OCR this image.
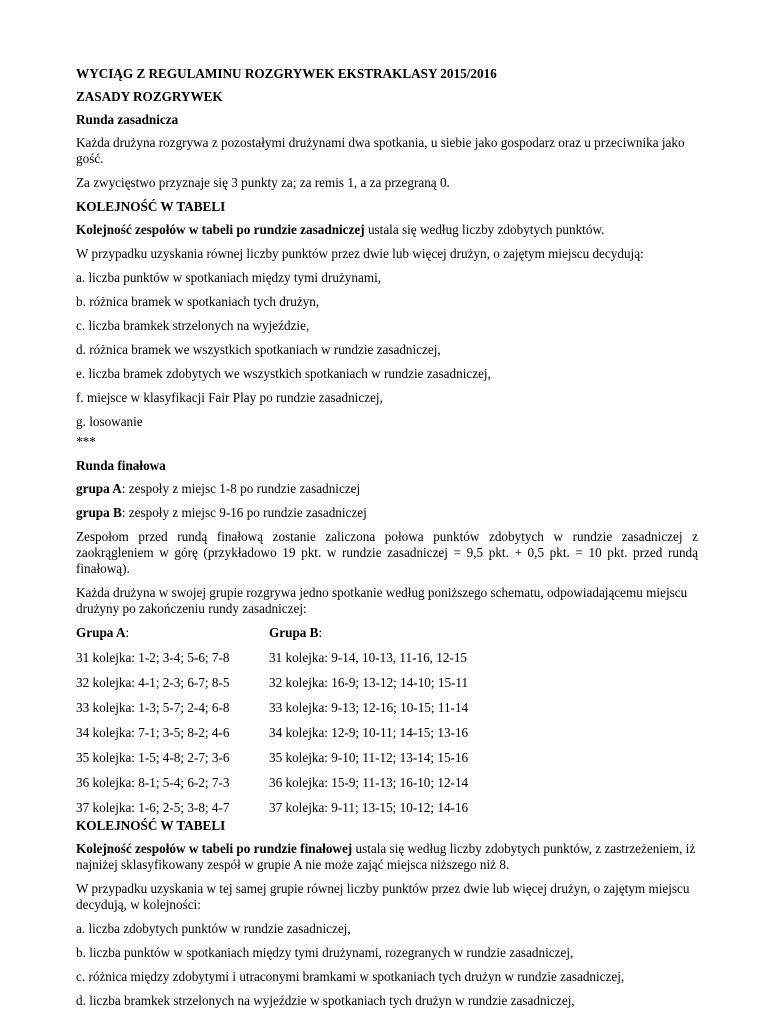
WYCIĄG Z REGULAMINU ROZGRYWEK EKSTRAKLASY 2015/2016

ZASADY ROZGRYWEK

Runda zasadnicza

Każda drużyna rozgrywa z pozostałymi drużynami dwa spotkania, u siebie jako gospodarz oraz u przeciwnika jako gość.

Za zwycięstwo przyznaje się 3 punkty za; za remis 1, a za przegraną 0.

KOLEJNOŚĆ W TABELI

Kolejność zespołów w tabeli po rundzie zasadniczej ustala się według liczby zdobytych punktów.

W przypadku uzyskania równej liczby punktów przez dwie lub więcej drużyn, o zajętym miejscu decydują:

a. liczba punktów w spotkaniach między tymi drużynami,

b. różnica bramek w spotkaniach tych drużyn,

c. liczba bramkek strzelonych na wyjeździe,

d. różnica bramek we wszystkich spotkaniach w rundzie zasadniczej,

e. liczba bramek zdobytych we wszystkich spotkaniach w rundzie zasadniczej,

f. miejsce w klasyfikacji Fair Play po rundzie zasadniczej,

g. losowanie

***

Runda finałowa

grupa A: zespoły z miejsc 1-8 po rundzie zasadniczej

grupa B: zespoły z miejsc 9-16 po rundzie zasadniczej

Zespołom przed rundą finałową zostanie zaliczona połowa punktów zdobytych w rundzie zasadniczej z zaokrągleniem w górę (przykładowo 19 pkt. w rundzie zasadniczej = 9,5 pkt. + 0,5 pkt. = 10 pkt. przed rundą finałową).

Każda drużyna w swojej grupie rozgrywa jedno spotkanie według poniższego schematu, odpowiadającemu miejscu drużyny po zakończeniu rundy zasadniczej:

Grupa A:	Grupa B:
31 kolejka: 1-2; 3-4; 5-6; 7-8	31 kolejka: 9-14, 10-13, 11-16, 12-15
32 kolejka: 4-1; 2-3; 6-7; 8-5	32 kolejka: 16-9; 13-12; 14-10; 15-11
33 kolejka: 1-3; 5-7; 2-4; 6-8	33 kolejka: 9-13; 12-16; 10-15; 11-14
34 kolejka: 7-1; 3-5; 8-2; 4-6	34 kolejka: 12-9; 10-11; 14-15; 13-16
35 kolejka: 1-5; 4-8; 2-7; 3-6	35 kolejka: 9-10; 11-12; 13-14; 15-16
36 kolejka: 8-1; 5-4; 6-2; 7-3	36 kolejka: 15-9; 11-13; 16-10; 12-14
37 kolejka: 1-6; 2-5; 3-8; 4-7	37 kolejka: 9-11; 13-15; 10-12; 14-16

KOLEJNOŚĆ W TABELI

Kolejność zespołów w tabeli po rundzie finałowej ustala się według liczby zdobytych punktów, z zastrzeżeniem, iż najniżej sklasyfikowany zespół w grupie A nie może zająć miejsca niższego niż 8.

W przypadku uzyskania w tej samej grupie równej liczby punktów przez dwie lub więcej drużyn, o zajętym miejscu decydują, w kolejności:

a. liczba zdobytych punktów w rundzie zasadniczej,

b. liczba punktów w spotkaniach między tymi drużynami, rozegranych w rundzie zasadniczej,

c. różnica między zdobytymi i utraconymi bramkami w spotkaniach tych drużyn w rundzie zasadniczej,

d. liczba bramkek strzelonych na wyjeździe w spotkaniach tych drużyn w rundzie zasadniczej,
